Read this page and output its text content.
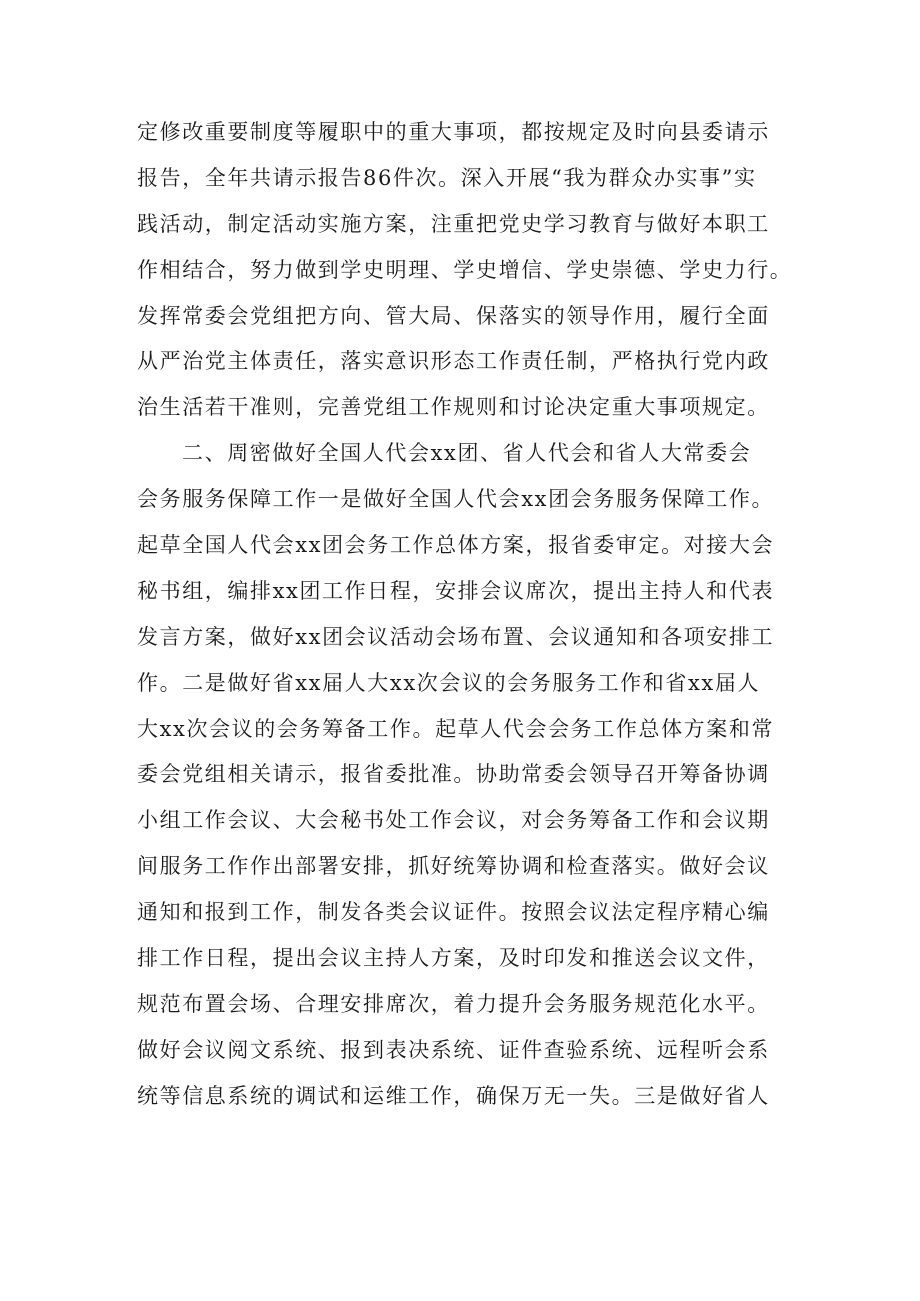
定修改重要制度等履职中的重大事项，都按规定及时向县委请示
报告，全年共请示报告86件次。深入开展“我为群众办实事”实
践活动，制定活动实施方案，注重把党史学习教育与做好本职工
作相结合，努力做到学史明理、学史增信、学史崇德、学史力行。
发挥常委会党组把方向、管大局、保落实的领导作用，履行全面
从严治党主体责任，落实意识形态工作责任制，严格执行党内政
治生活若干准则，完善党组工作规则和讨论决定重大事项规定。
二、周密做好全国人代会xx团、省人代会和省人大常委会
会务服务保障工作一是做好全国人代会xx团会务服务保障工作。
起草全国人代会xx团会务工作总体方案，报省委审定。对接大会
秘书组，编排xx团工作日程，安排会议席次，提出主持人和代表
发言方案，做好xx团会议活动会场布置、会议通知和各项安排工
作。二是做好省xx届人大xx次会议的会务服务工作和省xx届人
大xx次会议的会务筹备工作。起草人代会会务工作总体方案和常
委会党组相关请示，报省委批准。协助常委会领导召开筹备协调
小组工作会议、大会秘书处工作会议，对会务筹备工作和会议期
间服务工作作出部署安排，抓好统筹协调和检查落实。做好会议
通知和报到工作，制发各类会议证件。按照会议法定程序精心编
排工作日程，提出会议主持人方案，及时印发和推送会议文件，
规范布置会场、合理安排席次，着力提升会务服务规范化水平。
做好会议阅文系统、报到表决系统、证件查验系统、远程听会系
统等信息系统的调试和运维工作，确保万无一失。三是做好省人
